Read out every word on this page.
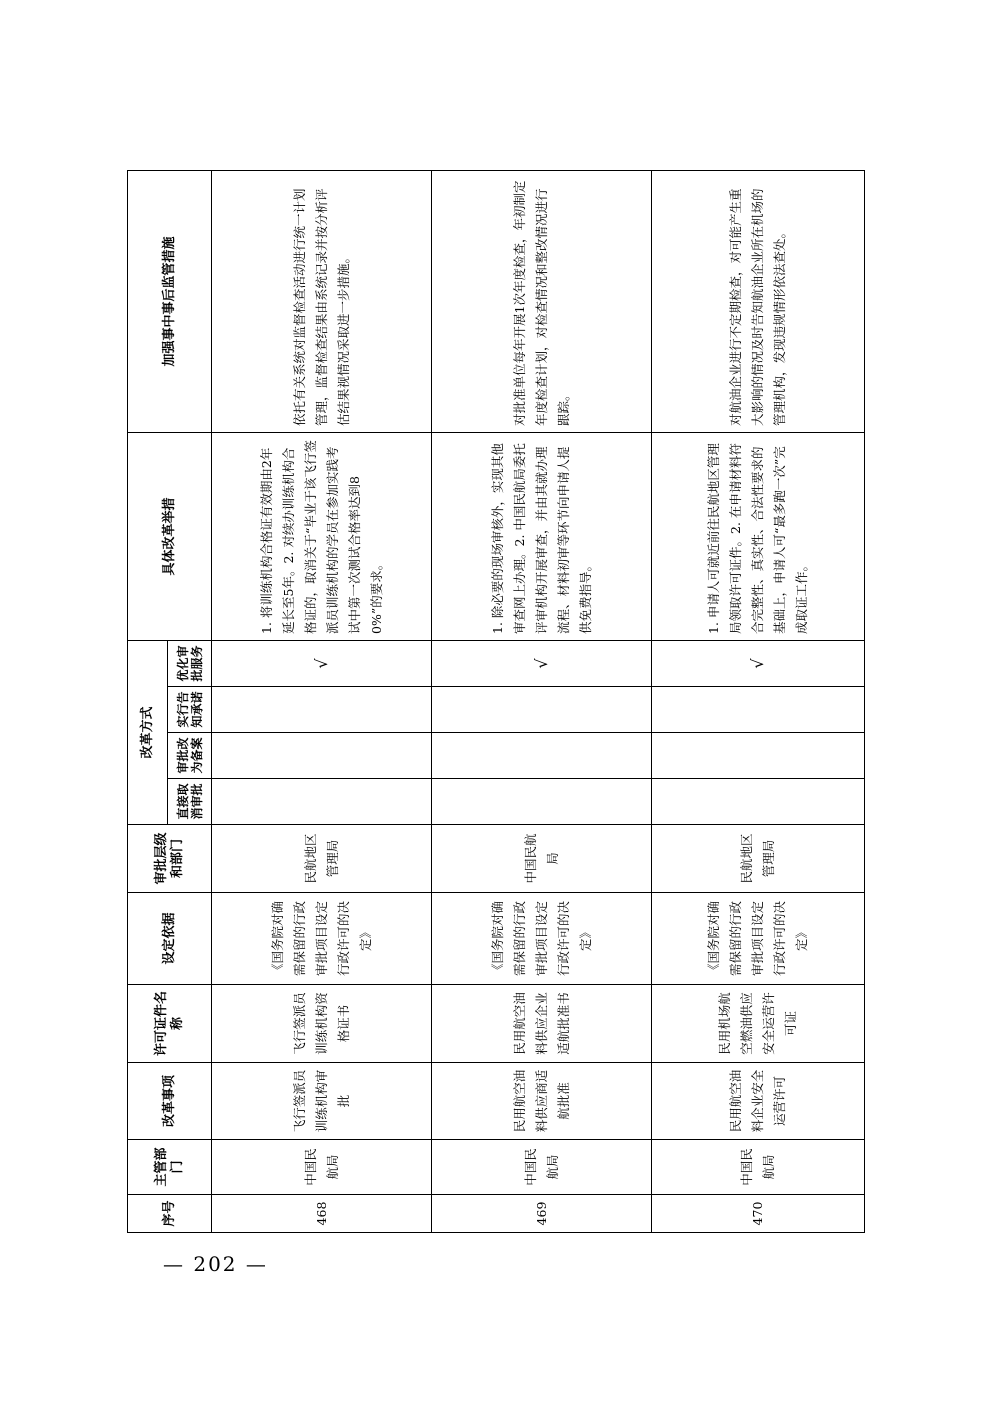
序号	主管部门	改革事项	许可证件名称	设定依据	审批层级和部门	改革方式				具体改革举措	加强事中事后监管措施
						直接取消审批	审批改为备案	实行告知承诺	优化审批服务		
468	中国民航局	飞行签派员训练机构审批	飞行签派员训练机构资格证书	《国务院对确需保留的行政审批项目设定行政许可的决定》	民航地区管理局				√	1. 将训练机构合格证有效期由2年延长至5年。2. 对续办训练机构合格证的，取消关于“毕业于该飞行签派员训练机构的学员在参加实践考试中第一次测试合格率达到80%”的要求。	依托有关系统对监督检查活动进行统一计划管理，监督检查结果由系统记录并按分析评估结果视情况采取进一步措施。
469	中国民航局	民用航空油料供应商适航批准	民用航空油料供应企业适航批准书	《国务院对确需保留的行政审批项目设定行政许可的决定》	中国民航局				√	1. 除必要的现场审核外，实现其他审查网上办理。2. 中国民航局委托评审机构开展审查，并由其就办理流程、材料初审等环节向申请人提供免费指导。	对批准单位每年开展1次年度检查，年初制定年度检查计划，对检查情况和整改情况进行跟踪。
470	中国民航局	民用航空油料企业安全运营许可	民用机场航空燃油供应安全运营许可证	《国务院对确需保留的行政审批项目设定行政许可的决定》	民航地区管理局				√	1. 申请人可就近前往民航地区管理局领取许可证件。2. 在申请材料符合完整性、真实性、合法性要求的基础上，申请人可“最多跑一次”完成取证工作。	对航油企业进行不定期检查，对可能产生重大影响的情况及时告知航油企业所在机场的管理机构，发现违规情形依法查处。
— 202 —
